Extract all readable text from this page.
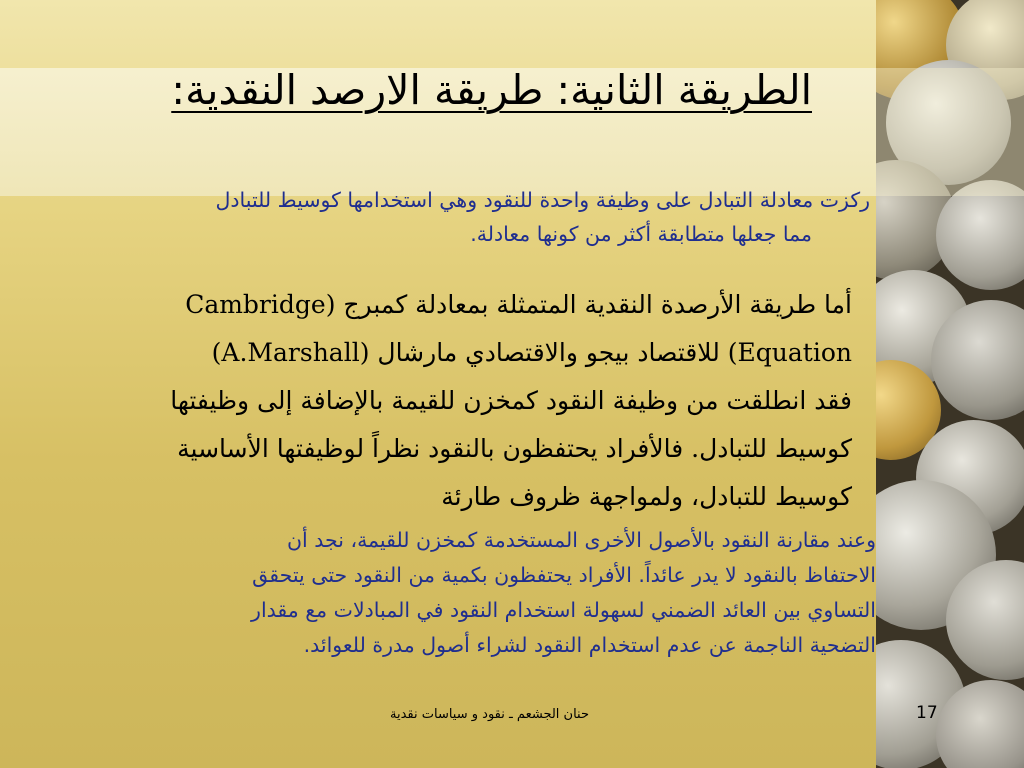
الطريقة الثانية: طريقة الارصد النقدية:
ركزت معادلة التبادل على وظيفة واحدة للنقود وهي استخدامها كوسيط للتبادل
مما جعلها متطابقة أكثر من كونها معادلة.
أما طريقة الأرصدة النقدية المتمثلة بمعادلة كمبرج (Cambridge
Equation) للاقتصاد بيجو والاقتصادي مارشال (A.Marshall)
فقد انطلقت من وظيفة النقود كمخزن للقيمة بالإضافة إلى وظيفتها
كوسيط للتبادل. فالأفراد يحتفظون بالنقود نظراً لوظيفتها الأساسية
كوسيط للتبادل، ولمواجهة ظروف طارئة
وعند مقارنة النقود بالأصول الأخرى المستخدمة كمخزن للقيمة، نجد أن
الاحتفاظ بالنقود لا يدر عائداً. الأفراد يحتفظون بكمية من النقود حتى يتحقق
التساوي بين العائد الضمني لسهولة استخدام النقود في المبادلات مع مقدار
التضحية الناجمة عن عدم استخدام النقود لشراء أصول مدرة للعوائد.
حنان الجشعم ـ نقود و سياسات نقدية	17
